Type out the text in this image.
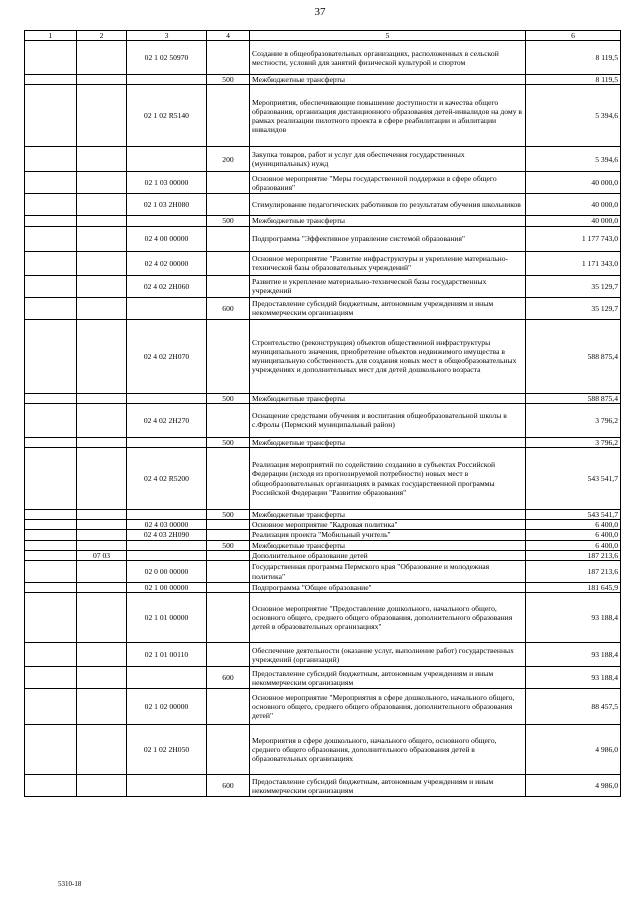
37
1	2	3	4	5	6
		02 1 02 50970		Создание в общеобразовательных организациях, расположенных в сельской местности, условий для занятий физической культурой и спортом	8 119,5
			500	Межбюджетные трансферты	8 119,5
		02 1 02 R5140		Мероприятия, обеспечивающие повышение доступности и качества общего образования, организация дистанционного образования детей-инвалидов на дому в рамках реализации пилотного проекта в сфере реабилитации и абилитации инвалидов	5 394,6
			200	Закупка товаров, работ и услуг для обеспечения государственных (муниципальных) нужд	5 394,6
		02 1 03 00000		Основное мероприятие "Меры государственной поддержки в сфере общего образования"	40 000,0
		02 1 03 2H080		Стимулирование педагогических работников по результатам обучения школьников	40 000,0
			500	Межбюджетные трансферты	40 000,0
		02 4 00 00000		Подпрограмма "Эффективное управление системой образования"	1 177 743,0
		02 4 02 00000		Основное мероприятие "Развитие инфраструктуры и укрепление материально-технической базы образовательных учреждений"	1 171 343,0
		02 4 02 2H060		Развитие и укрепление материально-технической базы государственных учреждений	35 129,7
			600	Предоставление субсидий бюджетным, автономным учреждениям и иным некоммерческим организациям	35 129,7
		02 4 02 2H070		Строительство (реконструкция) объектов общественной инфраструктуры муниципального значения, приобретение объектов недвижимого имущества в муниципальную собственность для создания новых мест в общеобразовательных учреждениях и дополнительных мест для детей дошкольного возраста	588 875,4
			500	Межбюджетные трансферты	588 875,4
		02 4 02 2H270		Оснащение средствами обучения и воспитания общеобразовательной школы в с.Фролы (Пермский муниципальный район)	3 796,2
			500	Межбюджетные трансферты	3 796,2
		02 4 02 R5200		Реализация мероприятий по содействию созданию в субъектах Российской Федерации (исходя из прогнозируемой потребности) новых мест в общеобразовательных организациях в рамках государственной программы Российской Федерации "Развитие образования"	543 541,7
			500	Межбюджетные трансферты	543 541,7
		02 4 03 00000		Основное мероприятие "Кадровая политика"	6 400,0
		02 4 03 2H090		Реализация проекта "Мобильный учитель"	6 400,0
			500	Межбюджетные трансферты	6 400,0
	07 03			Дополнительное образование детей	187 213,6
		02 0 00 00000		Государственная программа Пермского края "Образование и молодежная политика"	187 213,6
		02 1 00 00000		Подпрограмма "Общее образование"	181 645,9
		02 1 01 00000		Основное мероприятие "Предоставление дошкольного, начального общего, основного общего, среднего общего образования, дополнительного образования детей в образовательных организациях"	93 188,4
		02 1 01 00110		Обеспечение деятельности (оказание услуг, выполнение работ) государственных учреждений (организаций)	93 188,4
			600	Предоставление субсидий бюджетным, автономным учреждениям и иным некоммерческим организациям	93 188,4
		02 1 02 00000		Основное мероприятие "Мероприятия в сфере дошкольного, начального общего, основного общего, среднего общего образования, дополнительного образования детей"	88 457,5
		02 1 02 2H050		Мероприятия в сфере дошкольного, начального общего, основного общего, среднего общего образования, дополнительного образования детей в образовательных организациях	4 986,0
			600	Предоставление субсидий бюджетным, автономным учреждениям и иным некоммерческим организациям	4 986,0
5310-18
